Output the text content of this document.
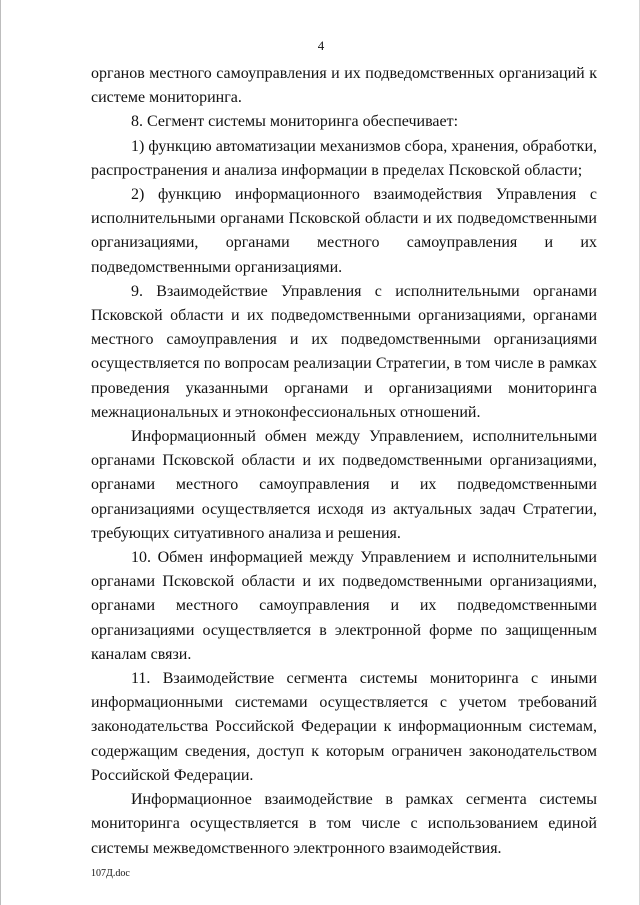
4

органов местного самоуправления и их подведомственных организаций к системе мониторинга.

8. Сегмент системы мониторинга обеспечивает:

1) функцию автоматизации механизмов сбора, хранения, обработки, распространения и анализа информации в пределах Псковской области;

2) функцию информационного взаимодействия Управления с исполнительными органами Псковской области и их подведомственными организациями, органами местного самоуправления и их подведомственными организациями.

9. Взаимодействие Управления с исполнительными органами Псковской области и их подведомственными организациями, органами местного самоуправления и их подведомственными организациями осуществляется по вопросам реализации Стратегии, в том числе в рамках проведения указанными органами и организациями мониторинга межнациональных и этноконфессиональных отношений.

Информационный обмен между Управлением, исполнительными органами Псковской области и их подведомственными организациями, органами местного самоуправления и их подведомственными организациями осуществляется исходя из актуальных задач Стратегии, требующих ситуативного анализа и решения.

10. Обмен информацией между Управлением и исполнительными органами Псковской области и их подведомственными организациями, органами местного самоуправления и их подведомственными организациями осуществляется в электронной форме по защищенным каналам связи.

11. Взаимодействие сегмента системы мониторинга с иными информационными системами осуществляется с учетом требований законодательства Российской Федерации к информационным системам, содержащим сведения, доступ к которым ограничен законодательством Российской Федерации.

Информационное взаимодействие в рамках сегмента системы мониторинга осуществляется в том числе с использованием единой системы межведомственного электронного взаимодействия.

107Д.doc
